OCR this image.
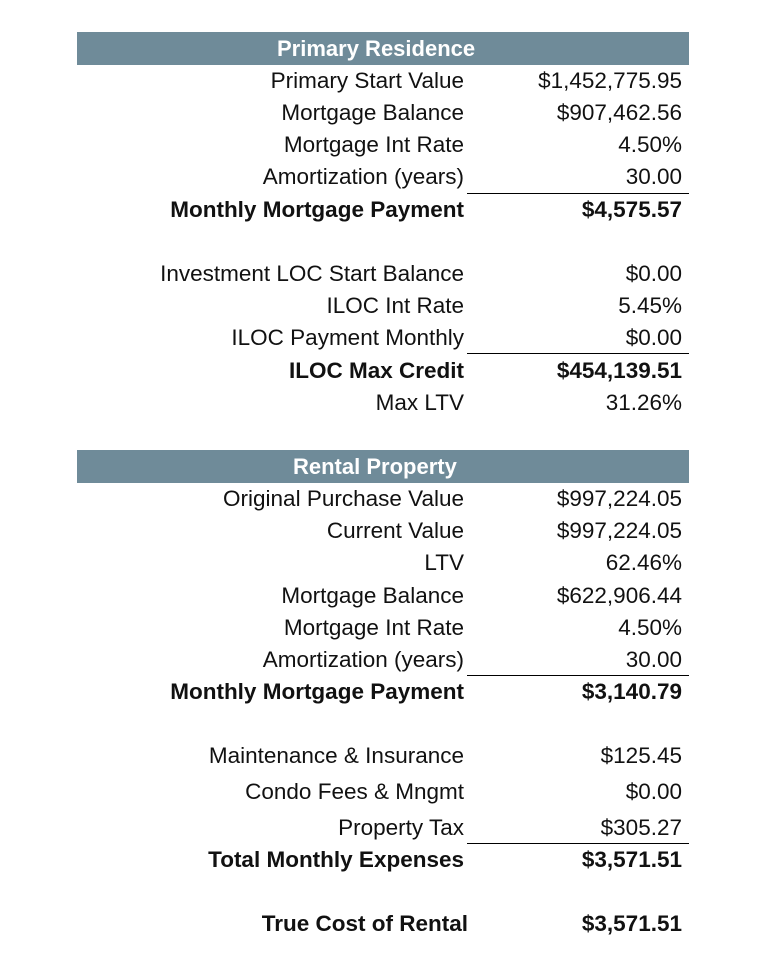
Primary Residence
Primary Start Value	$1,452,775.95
Mortgage Balance	$907,462.56
Mortgage Int Rate	4.50%
Amortization (years)	30.00
Monthly Mortgage Payment	$4,575.57
Investment LOC Start Balance	$0.00
ILOC Int Rate	5.45%
ILOC Payment Monthly	$0.00
ILOC Max Credit	$454,139.51
Max LTV	31.26%
Rental Property
Original Purchase Value	$997,224.05
Current Value	$997,224.05
LTV	62.46%
Mortgage Balance	$622,906.44
Mortgage Int Rate	4.50%
Amortization (years)	30.00
Monthly Mortgage Payment	$3,140.79
Maintenance & Insurance	$125.45
Condo Fees & Mngmt	$0.00
Property Tax	$305.27
Total Monthly Expenses	$3,571.51
True Cost of Rental	$3,571.51
